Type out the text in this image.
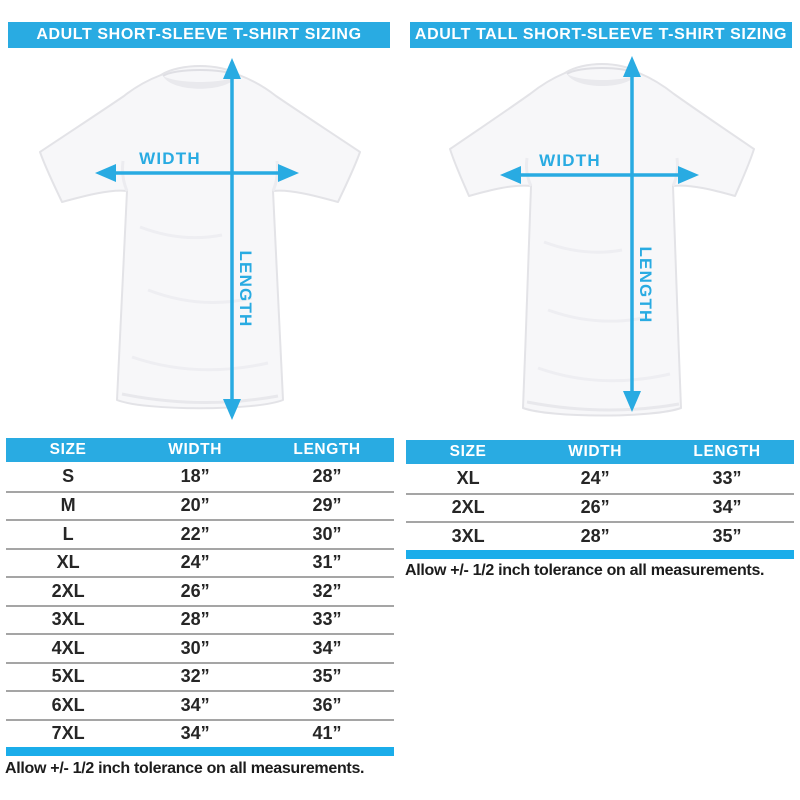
ADULT SHORT-SLEEVE T-SHIRT SIZING
WIDTH
LENGTH
SIZE	WIDTH	LENGTH
S	18”	28”
M	20”	29”
L	22”	30”
XL	24”	31”
2XL	26”	32”
3XL	28”	33”
4XL	30”	34”
5XL	32”	35”
6XL	34”	36”
7XL	34”	41”
Allow +/- 1/2 inch tolerance on all measurements.
ADULT TALL SHORT-SLEEVE T-SHIRT SIZING
WIDTH
LENGTH
SIZE	WIDTH	LENGTH
XL	24”	33”
2XL	26”	34”
3XL	28”	35”
Allow +/- 1/2 inch tolerance on all measurements.
